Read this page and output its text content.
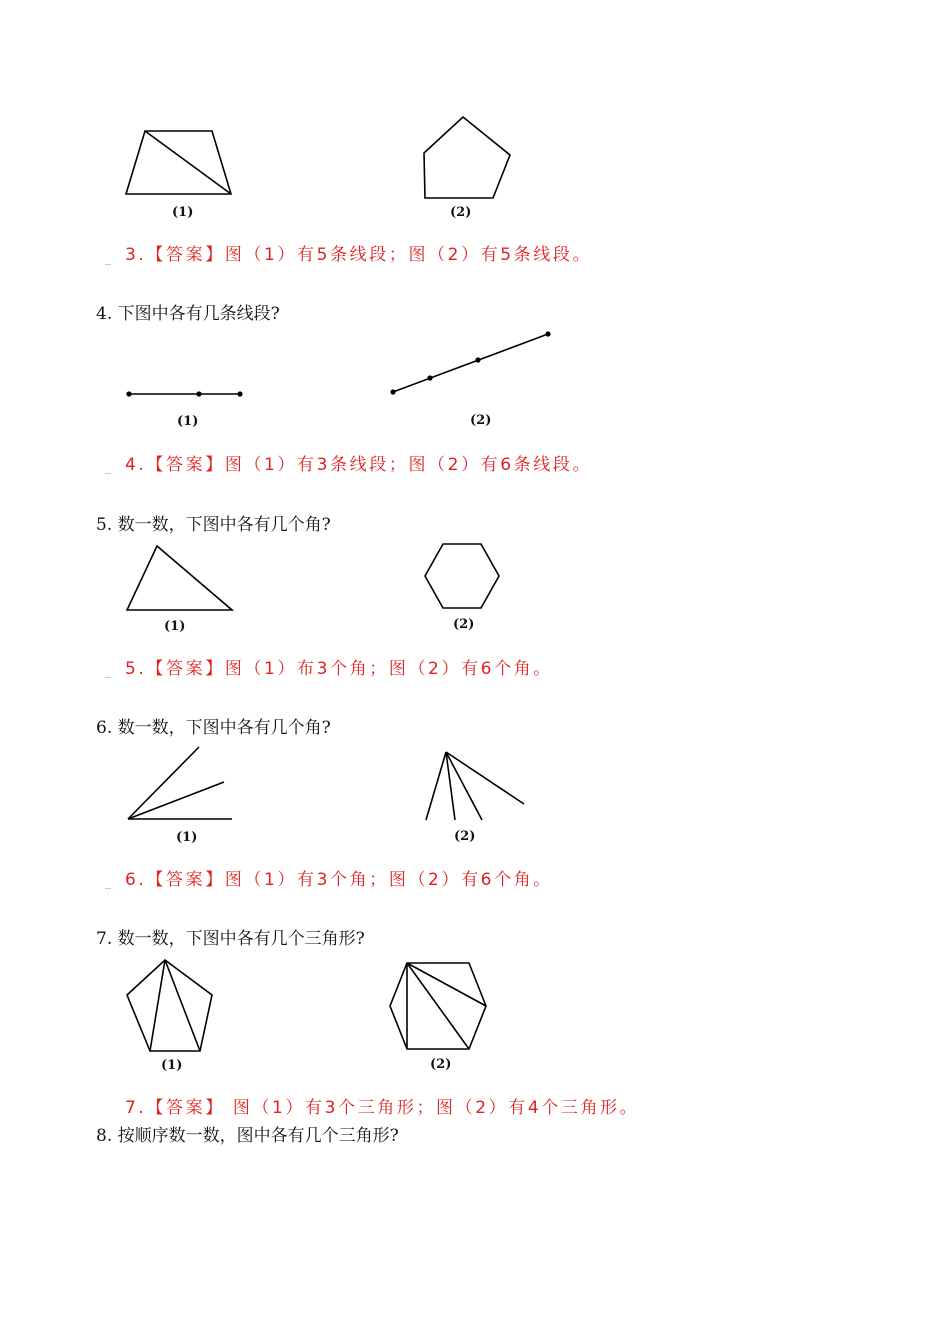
(1)	(2)
3.【答案】图（1）有5条线段；图（2）有5条线段。
4. 下图中各有几条线段?
(1)	(2)
4.【答案】图（1）有3条线段；图（2）有6条线段。
5. 数一数，下图中各有几个角?
(1)	(2)
5.【答案】图（1）布3个角；图（2）有6个角。
6. 数一数，下图中各有几个角?
(1)	(2)
6.【答案】图（1）有3个角；图（2）有6个角。
7. 数一数，下图中各有几个三角形?
(1)	(2)
7.【答案】 图（1）有3个三角形；图（2）有4个三角形。
8. 按顺序数一数，图中各有几个三角形?
